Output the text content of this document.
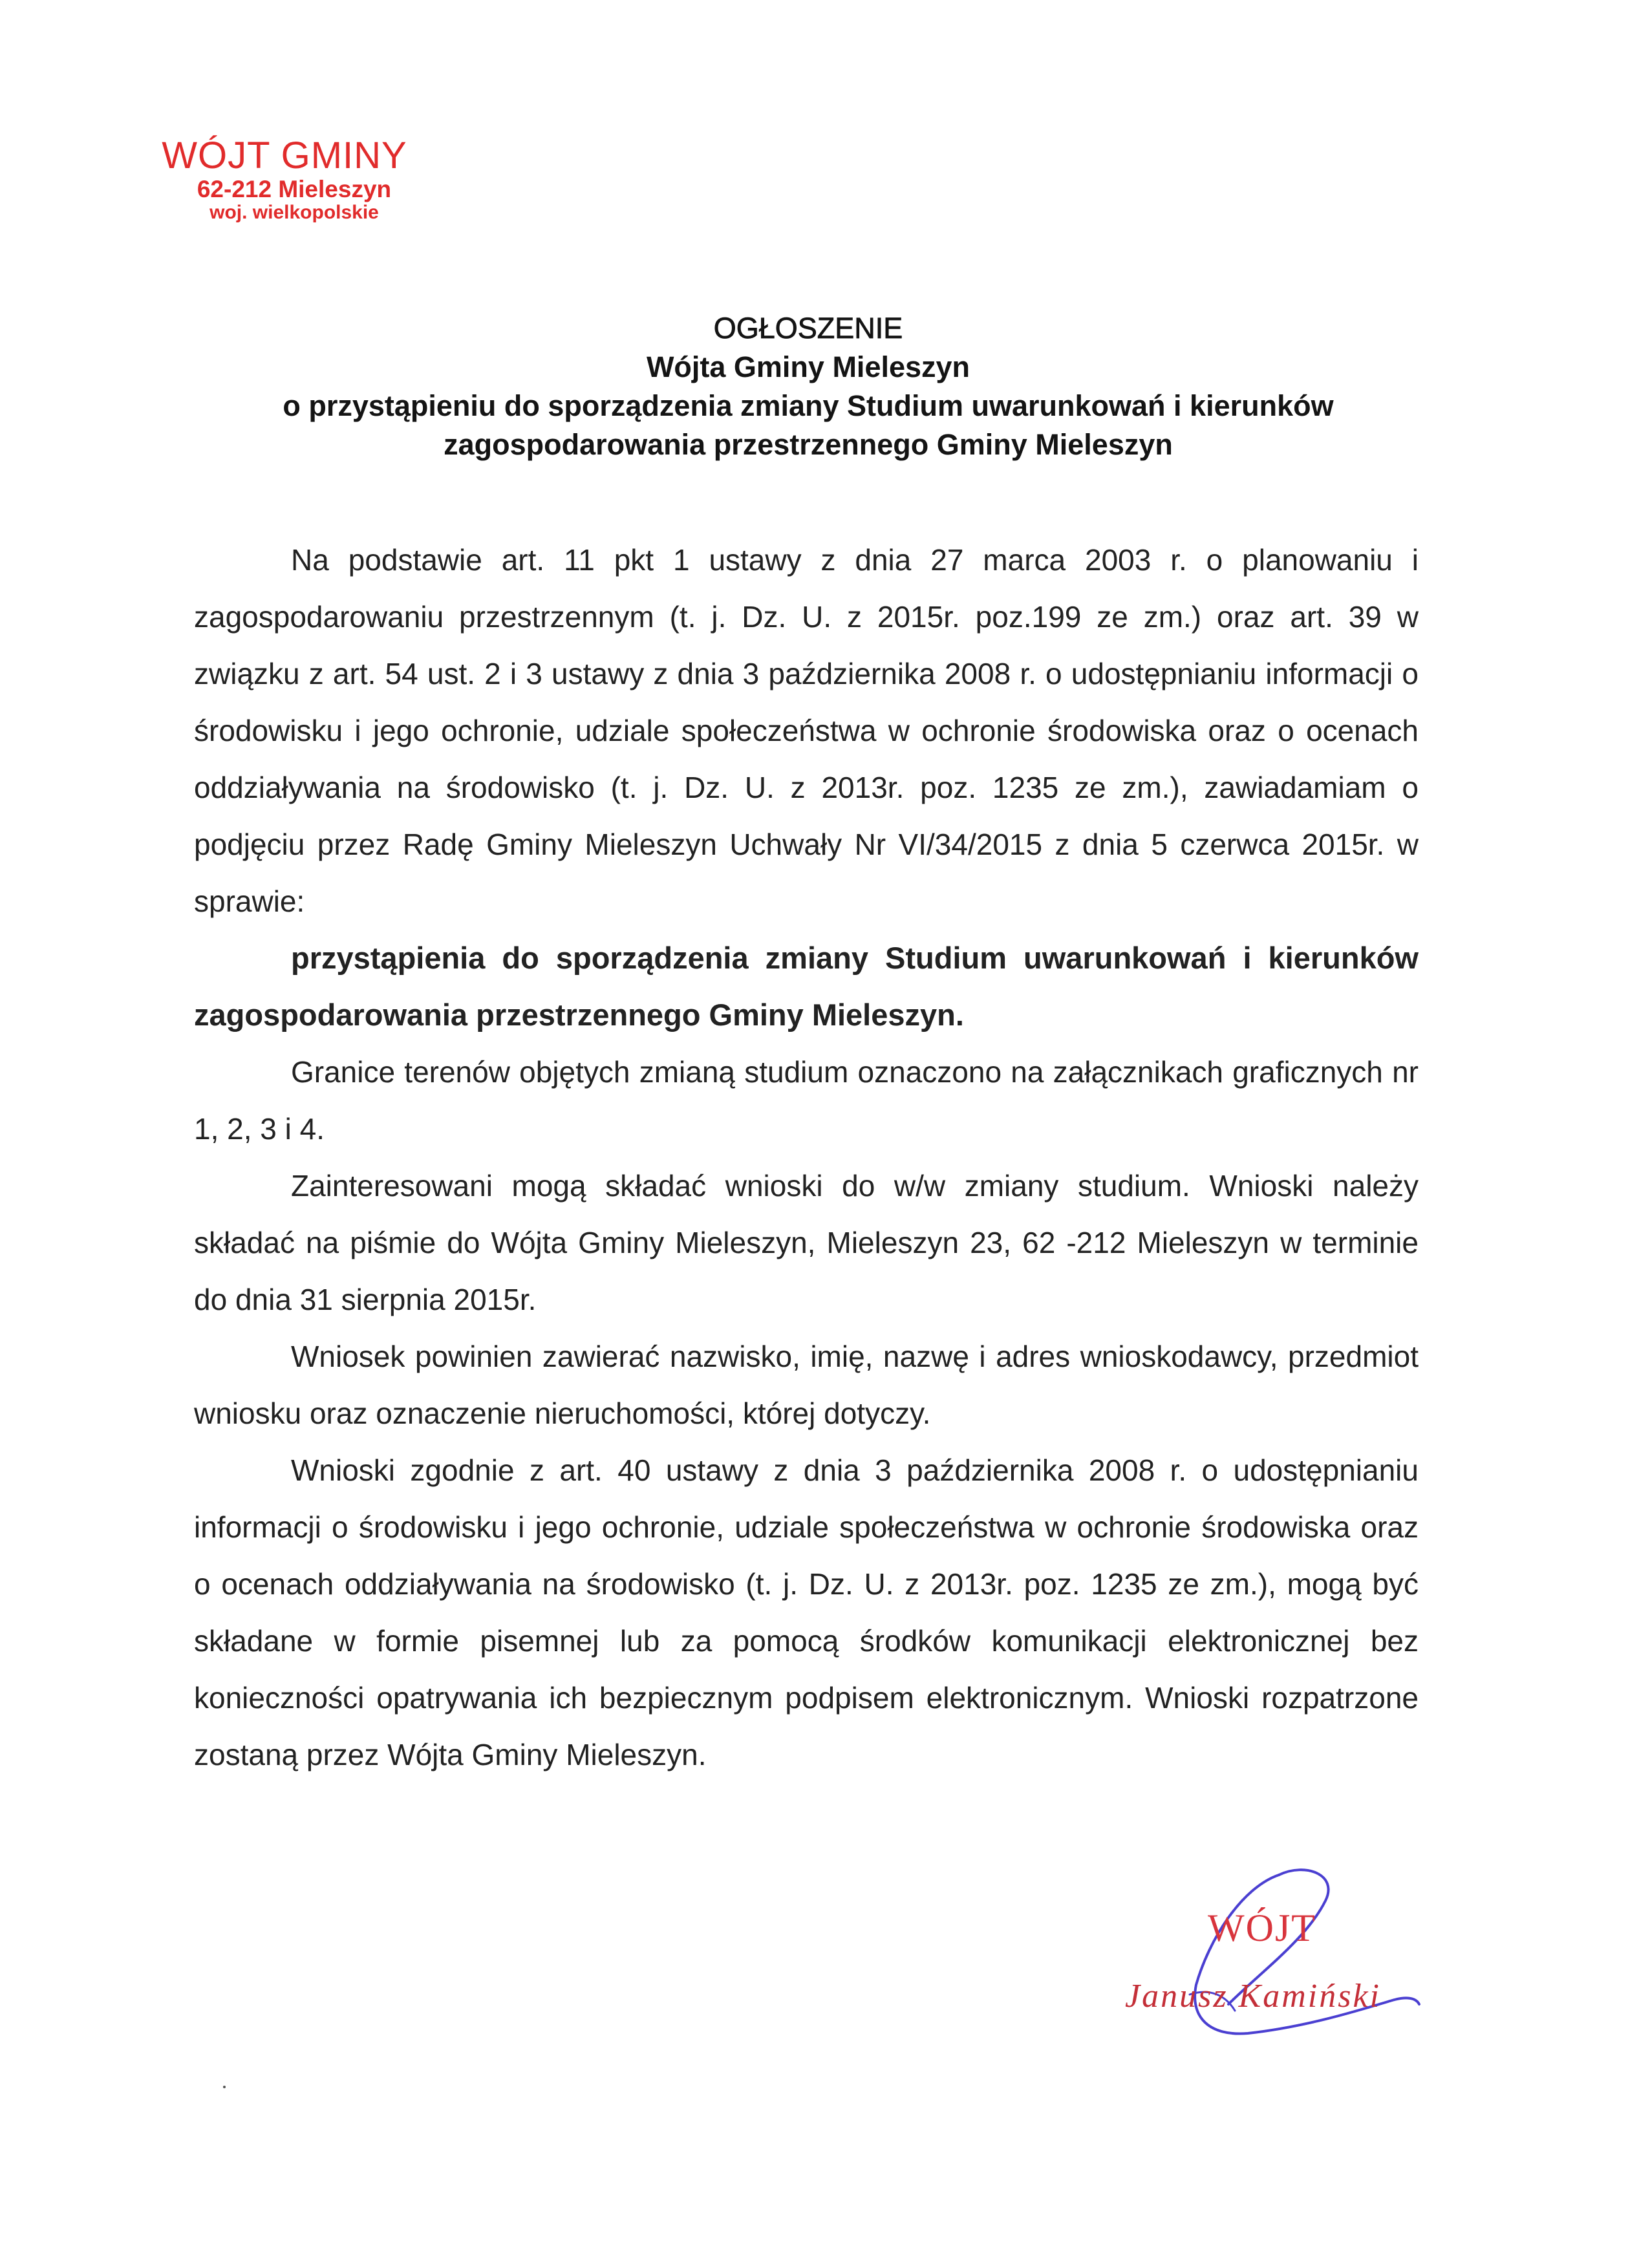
WÓJT GMINY
62-212 Mieleszyn
woj. wielkopolskie
OGŁOSZENIE
Wójta Gminy Mieleszyn
o przystąpieniu do sporządzenia zmiany Studium uwarunkowań i kierunków
zagospodarowania przestrzennego Gminy Mieleszyn

Na podstawie art. 11 pkt 1 ustawy z dnia 27 marca 2003 r. o planowaniu i zagospodarowaniu przestrzennym (t. j. Dz. U. z 2015r. poz.199 ze zm.) oraz art. 39 w związku z art. 54 ust. 2 i 3 ustawy z dnia 3 października 2008 r. o udostępnianiu informacji o środowisku i jego ochronie, udziale społeczeństwa w ochronie środowiska oraz o ocenach oddziaływania na środowisko (t. j. Dz. U. z 2013r. poz. 1235 ze zm.), zawiadamiam o podjęciu przez Radę Gminy Mieleszyn Uchwały Nr VI/34/2015 z dnia 5 czerwca 2015r. w sprawie:

przystąpienia do sporządzenia zmiany Studium uwarunkowań i kierunków zagospodarowania przestrzennego Gminy Mieleszyn.

Granice terenów objętych zmianą studium oznaczono na załącznikach graficznych nr 1, 2, 3 i 4.

Zainteresowani mogą składać wnioski do w/w zmiany studium. Wnioski należy składać na piśmie do Wójta Gminy Mieleszyn, Mieleszyn 23, 62 -212 Mieleszyn w terminie do dnia 31 sierpnia 2015r.

Wniosek powinien zawierać nazwisko, imię, nazwę i adres wnioskodawcy, przedmiot wniosku oraz oznaczenie nieruchomości, której dotyczy.

Wnioski zgodnie z art. 40 ustawy z dnia 3 października 2008 r. o udostępnianiu informacji o środowisku i jego ochronie, udziale społeczeństwa w ochronie środowiska oraz o ocenach oddziaływania na środowisko (t. j. Dz. U. z 2013r. poz. 1235 ze zm.), mogą być składane w formie pisemnej lub za pomocą środków komunikacji elektronicznej bez konieczności opatrywania ich bezpiecznym podpisem elektronicznym. Wnioski rozpatrzone zostaną przez Wójta Gminy Mieleszyn.

WÓJT
Janusz Kamiński
